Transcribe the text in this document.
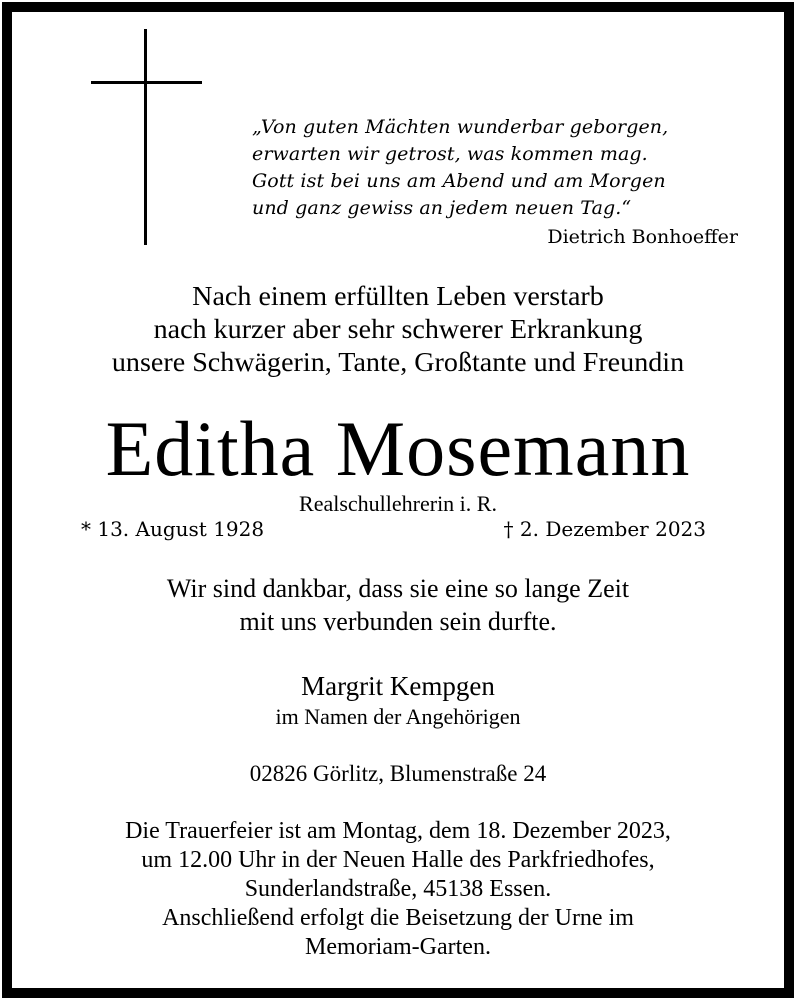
„Von guten Mächten wunderbar geborgen,
erwarten wir getrost, was kommen mag.
Gott ist bei uns am Abend und am Morgen
und ganz gewiss an jedem neuen Tag.“
Dietrich Bonhoeffer
Nach einem erfüllten Leben verstarb
nach kurzer aber sehr schwerer Erkrankung
unsere Schwägerin, Tante, Großtante und Freundin
Editha Mosemann
Realschullehrerin i. R.
* 13. August 1928	† 2. Dezember 2023
Wir sind dankbar, dass sie eine so lange Zeit
mit uns verbunden sein durfte.
Margrit Kempgen
im Namen der Angehörigen
02826 Görlitz, Blumenstraße 24
Die Trauerfeier ist am Montag, dem 18. Dezember 2023,
um 12.00 Uhr in der Neuen Halle des Parkfriedhofes,
Sunderlandstraße, 45138 Essen.
Anschließend erfolgt die Beisetzung der Urne im
Memoriam-Garten.
